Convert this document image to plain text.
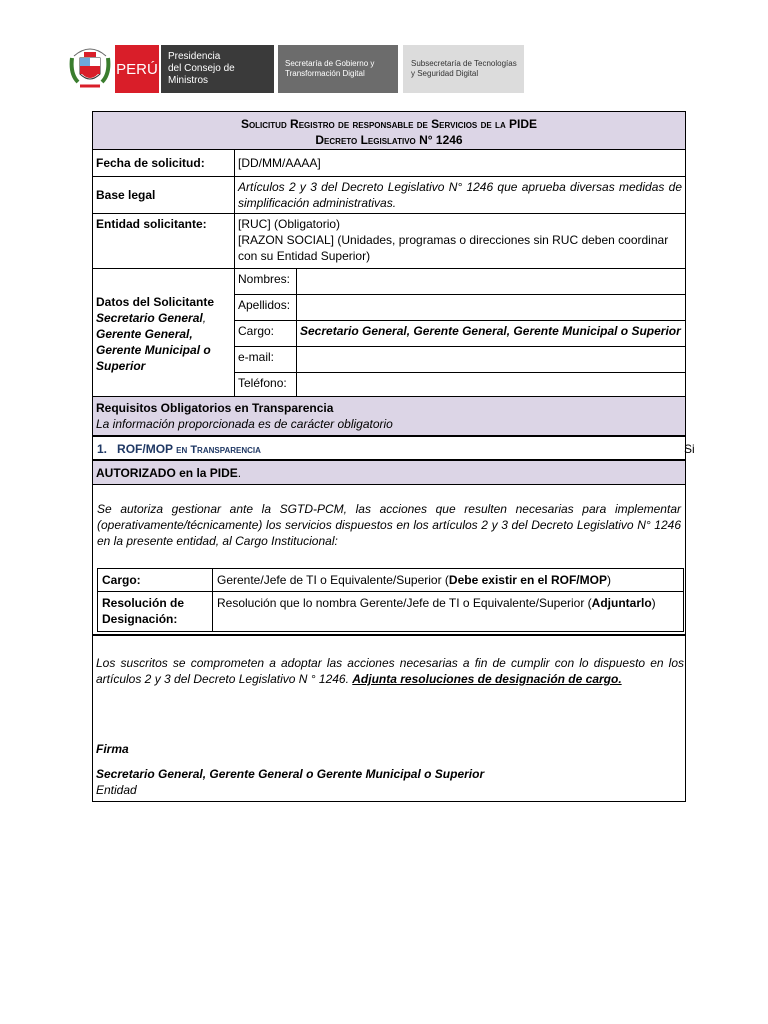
PERÚ
Presidencia
del Consejo de Ministros
Secretaría de Gobierno y
Transformación Digital
Subsecretaría de Tecnologías
y Seguridad Digital
Solicitud Registro de responsable de Servicios de la PIDE
Decreto Legislativo N° 1246
Fecha de solicitud:	[DD/MM/AAAA]	
Base legal	Artículos 2 y 3 del Decreto Legislativo N° 1246 que aprueba diversas medidas de simplificación administrativas.	
Entidad solicitante:	[RUC] (Obligatorio)
[RAZON SOCIAL] (Unidades, programas o direcciones sin RUC deben coordinar con su Entidad Superior)	

Datos del Solicitante
Secretario General,
Gerente General, Gerente Municipal o Superior	Nombres:	
	Apellidos:	
	Cargo:	Secretario General, Gerente General, Gerente Municipal o Superior
	e-mail:	
	Teléfono:	
Requisitos Obligatorios en Transparencia
La información proporcionada es de carácter obligatorio
1. ROF/MOP en Transparencia	Si
AUTORIZADO en la PIDE.
Se autoriza gestionar ante la SGTD-PCM, las acciones que resulten necesarias para implementar (operativamente/técnicamente) los servicios dispuestos en los artículos 2 y 3 del Decreto Legislativo N° 1246 en la presente entidad, al Cargo Institucional:
Cargo:	Gerente/Jefe de TI o Equivalente/Superior (Debe existir en el ROF/MOP)
Resolución de Designación:	Resolución que lo nombra Gerente/Jefe de TI o Equivalente/Superior (Adjuntarlo)
Los suscritos se comprometen a adoptar las acciones necesarias a fin de cumplir con lo dispuesto en los artículos 2 y 3 del Decreto Legislativo N ° 1246. Adjunta resoluciones de designación de cargo.
Firma
Secretario General, Gerente General o Gerente Municipal o Superior
Entidad
